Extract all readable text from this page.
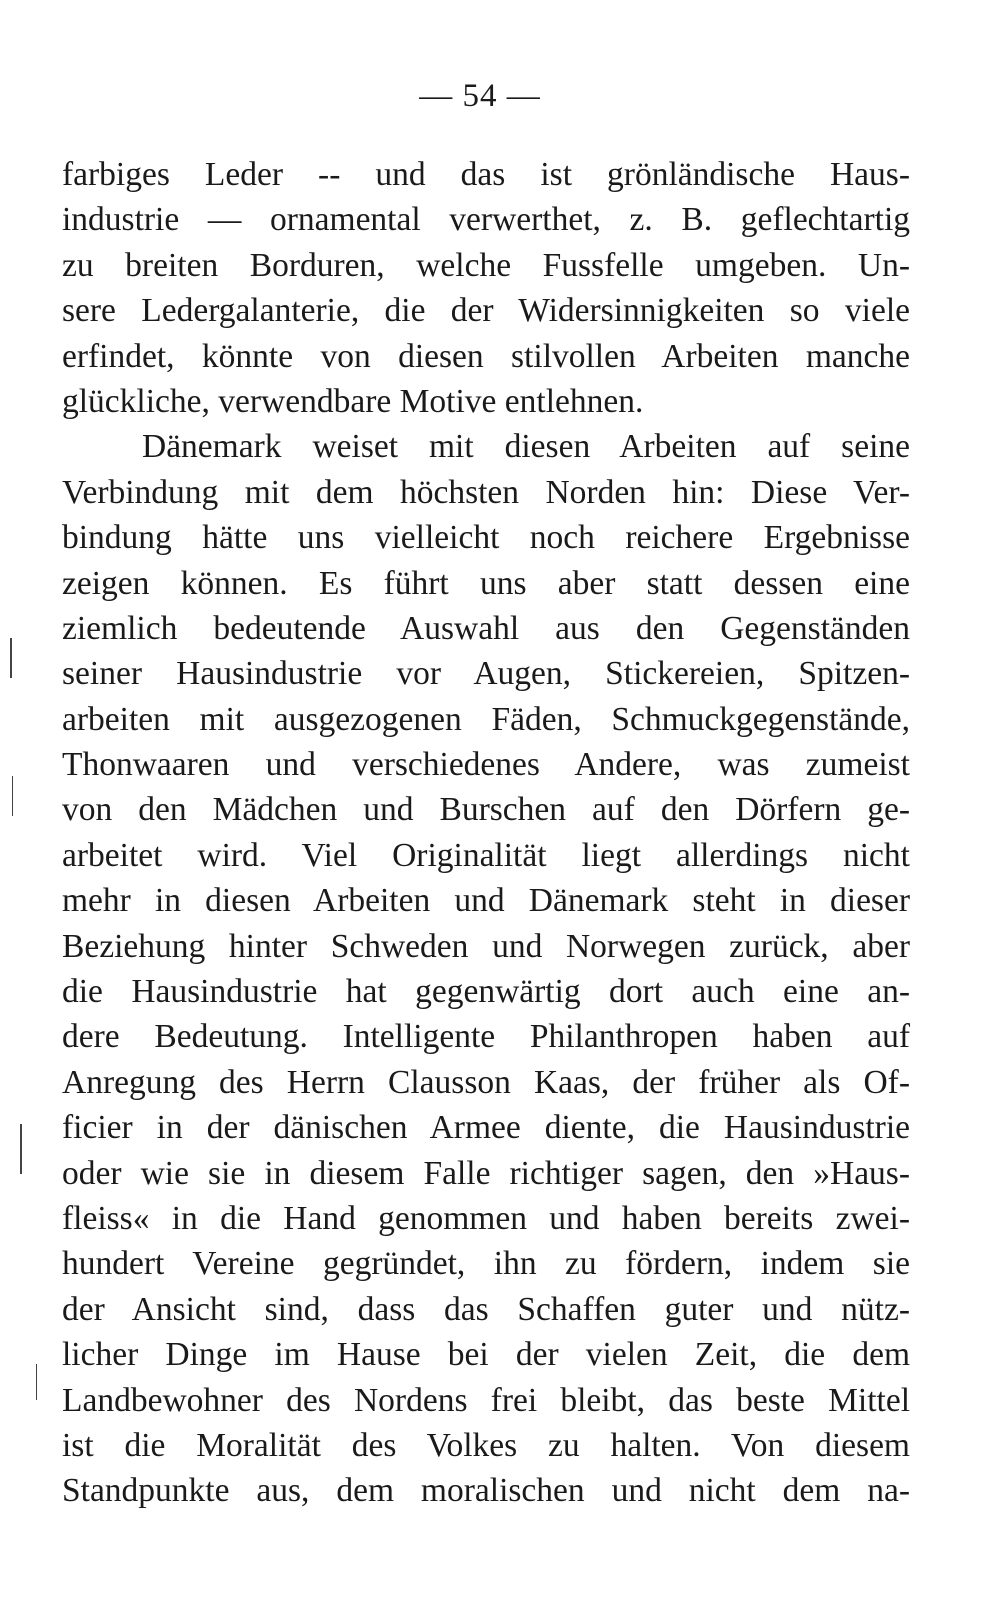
— 54 —
farbiges Leder -- und das ist grönländische Haus-
industrie — ornamental verwerthet, z. B. geflechtartig
zu breiten Borduren, welche Fussfelle umgeben. Un-
sere Ledergalanterie, die der Widersinnigkeiten so viele
erfindet, könnte von diesen stilvollen Arbeiten manche
glückliche, verwendbare Motive entlehnen.
Dänemark weiset mit diesen Arbeiten auf seine
Verbindung mit dem höchsten Norden hin: Diese Ver-
bindung hätte uns vielleicht noch reichere Ergebnisse
zeigen können. Es führt uns aber statt dessen eine
ziemlich bedeutende Auswahl aus den Gegenständen
seiner Hausindustrie vor Augen, Stickereien, Spitzen-
arbeiten mit ausgezogenen Fäden, Schmuckgegenstände,
Thonwaaren und verschiedenes Andere, was zumeist
von den Mädchen und Burschen auf den Dörfern ge-
arbeitet wird. Viel Originalität liegt allerdings nicht
mehr in diesen Arbeiten und Dänemark steht in dieser
Beziehung hinter Schweden und Norwegen zurück, aber
die Hausindustrie hat gegenwärtig dort auch eine an-
dere Bedeutung. Intelligente Philanthropen haben auf
Anregung des Herrn Clausson Kaas, der früher als Of-
ficier in der dänischen Armee diente, die Hausindustrie
oder wie sie in diesem Falle richtiger sagen, den »Haus-
fleiss« in die Hand genommen und haben bereits zwei-
hundert Vereine gegründet, ihn zu fördern, indem sie
der Ansicht sind, dass das Schaffen guter und nütz-
licher Dinge im Hause bei der vielen Zeit, die dem
Landbewohner des Nordens frei bleibt, das beste Mittel
ist die Moralität des Volkes zu halten. Von diesem
Standpunkte aus, dem moralischen und nicht dem na-
